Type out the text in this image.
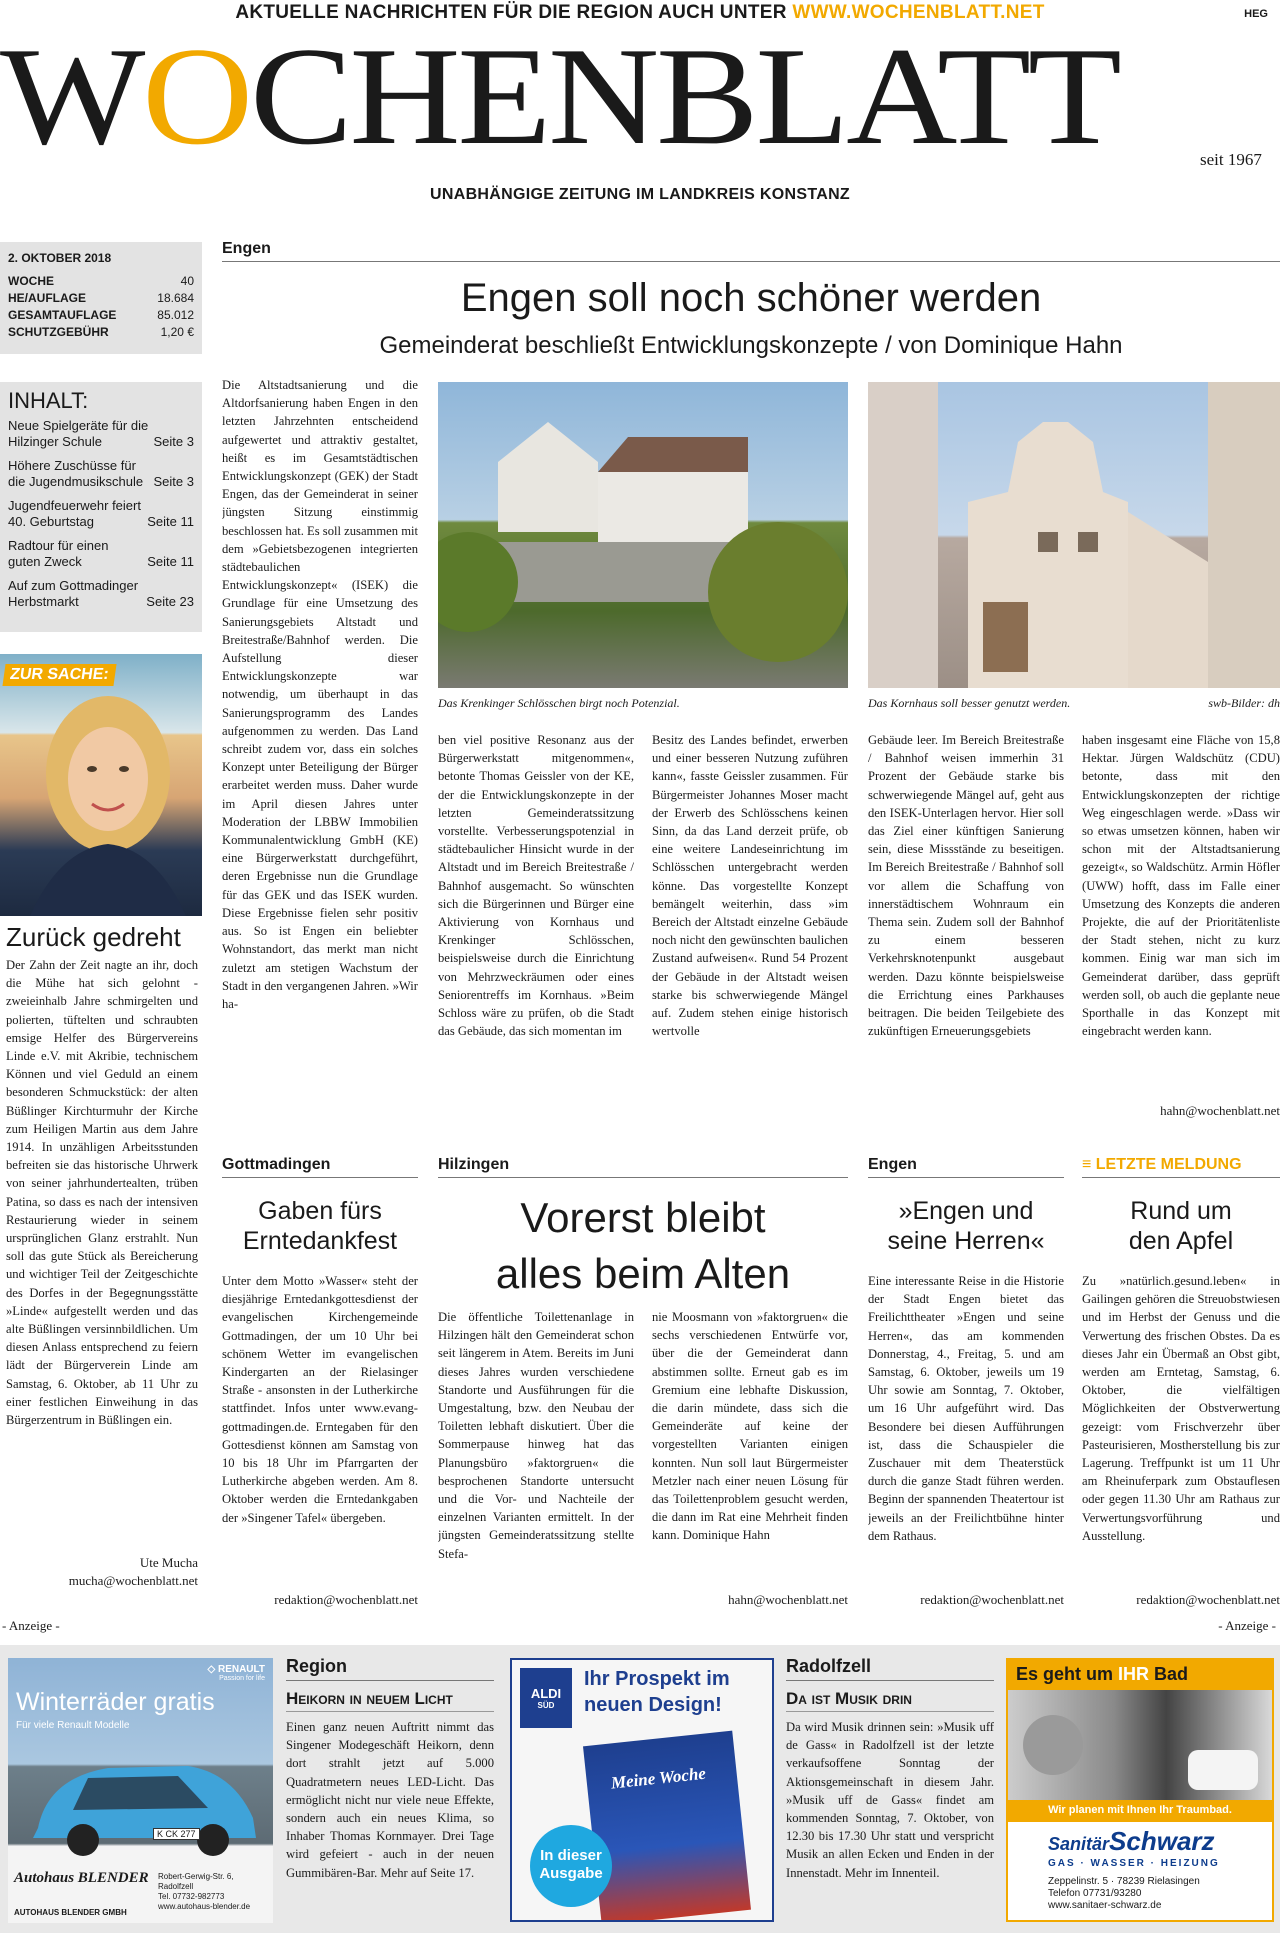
AKTUELLE NACHRICHTEN FÜR DIE REGION AUCH UNTER WWW.WOCHENBLATT.NET	HEG
WOCHENBLATT	seit 1967
UNABHÄNGIGE ZEITUNG IM LANDKREIS KONSTANZ
2. OKTOBER 2018
WOCHE	40
HE/AUFLAGE	18.684
GESAMTAUFLAGE	85.012
SCHUTZGEBÜHR	1,20 €
INHALT:
Neue Spielgeräte für die Hilzinger Schule	Seite 3
Höhere Zuschüsse für die Jugendmusikschule Seite 3
Jugendfeuerwehr feiert 40. Geburtstag	Seite 11
Radtour für einen guten Zweck	Seite 11
Auf zum Gottmadinger Herbstmarkt	Seite 23
ZUR SACHE:
Zurück gedreht
Der Zahn der Zeit nagte an ihr, doch die Mühe hat sich gelohnt - zweieinhalb Jahre schmirgelten und polierten, tüftelten und schraubten emsige Helfer des Bürgervereins Linde e.V. mit Akribie, technischem Können und viel Geduld an einem besonderen Schmuckstück: der alten Büßlinger Kirchturmuhr der Kirche zum Heiligen Martin aus dem Jahre 1914. In unzähligen Arbeitsstunden befreiten sie das historische Uhrwerk von seiner jahrhundertealten, trüben Patina, so dass es nach der intensiven Restaurierung wieder in seinem ursprünglichen Glanz erstrahlt. Nun soll das gute Stück als Bereicherung und wichtiger Teil der Zeitgeschichte des Dorfes in der Begegnungsstätte »Linde« aufgestellt werden und das alte Büßlingen versinnbildlichen. Um diesen Anlass entsprechend zu feiern lädt der Bürgerverein Linde am Samstag, 6. Oktober, ab 11 Uhr zu einer festlichen Einweihung in das Bürgerzentrum in Büßlingen ein.
Ute Mucha
mucha@wochenblatt.net
Engen
Engen soll noch schöner werden
Gemeinderat beschließt Entwicklungskonzepte / von Dominique Hahn
Die Altstadtsanierung und die Altdorfsanierung haben Engen in den letzten Jahrzehnten entscheidend aufgewertet und attraktiv gestaltet, heißt es im Gesamtstädtischen Entwicklungskonzept (GEK) der Stadt Engen, das der Gemeinderat in seiner jüngsten Sitzung einstimmig beschlossen hat. Es soll zusammen mit dem »Gebietsbezogenen integrierten städtebaulichen Entwicklungskonzept« (ISEK) die Grundlage für eine Umsetzung des Sanierungsgebiets Altstadt und Breitestraße/Bahnhof werden. Die Aufstellung dieser Entwicklungskonzepte war notwendig, um überhaupt in das Sanierungsprogramm des Landes aufgenommen zu werden. Das Land schreibt zudem vor, dass ein solches Konzept unter Beteiligung der Bürger erarbeitet werden muss. Daher wurde im April diesen Jahres unter Moderation der LBBW Immobilien Kommunalentwicklung GmbH (KE) eine Bürgerwerkstatt durchgeführt, deren Ergebnisse nun die Grundlage für das GEK und das ISEK wurden. Diese Ergebnisse fielen sehr positiv aus. So ist Engen ein beliebter Wohnstandort, das merkt man nicht zuletzt am stetigen Wachstum der Stadt in den vergangenen Jahren. »Wir ha-
Das Krenkinger Schlösschen birgt noch Potenzial.	Das Kornhaus soll besser genutzt werden.	swb-Bilder: dh
ben viel positive Resonanz aus der Bürgerwerkstatt mitgenommen«, betonte Thomas Geissler von der KE, der die Entwicklungskonzepte in der letzten Gemeinderatssitzung vorstellte. Verbesserungspotenzial in städtebaulicher Hinsicht wurde in der Altstadt und im Bereich Breitestraße / Bahnhof ausgemacht. So wünschten sich die Bürgerinnen und Bürger eine Aktivierung von Kornhaus und Krenkinger Schlösschen, beispielsweise durch die Einrichtung von Mehrzweckräumen oder eines Seniorentreffs im Kornhaus. »Beim Schloss wäre zu prüfen, ob die Stadt das Gebäude, das sich momentan im
Besitz des Landes befindet, erwerben und einer besseren Nutzung zuführen kann«, fasste Geissler zusammen. Für Bürgermeister Johannes Moser macht der Erwerb des Schlösschens keinen Sinn, da das Land derzeit prüfe, ob eine weitere Landeseinrichtung im Schlösschen untergebracht werden könne. Das vorgestellte Konzept bemängelt weiterhin, dass »im Bereich der Altstadt einzelne Gebäude noch nicht den gewünschten baulichen Zustand aufweisen«. Rund 54 Prozent der Gebäude in der Altstadt weisen starke bis schwerwiegende Mängel auf. Zudem stehen einige historisch wertvolle
Gebäude leer. Im Bereich Breitestraße / Bahnhof weisen immerhin 31 Prozent der Gebäude starke bis schwerwiegende Mängel auf, geht aus den ISEK-Unterlagen hervor. Hier soll das Ziel einer künftigen Sanierung sein, diese Missstände zu beseitigen. Im Bereich Breitestraße / Bahnhof soll vor allem die Schaffung von innerstädtischem Wohnraum ein Thema sein. Zudem soll der Bahnhof zu einem besseren Verkehrsknotenpunkt ausgebaut werden. Dazu könnte beispielsweise die Errichtung eines Parkhauses beitragen. Die beiden Teilgebiete des zukünftigen Erneuerungsgebiets
haben insgesamt eine Fläche von 15,8 Hektar. Jürgen Waldschütz (CDU) betonte, dass mit den Entwicklungskonzepten der richtige Weg eingeschlagen werde. »Dass wir so etwas umsetzen können, haben wir schon mit der Altstadtsanierung gezeigt«, so Waldschütz. Armin Höfler (UWW) hofft, dass im Falle einer Umsetzung des Konzepts die anderen Projekte, die auf der Prioritätenliste der Stadt stehen, nicht zu kurz kommen. Einig war man sich im Gemeinderat darüber, dass geprüft werden soll, ob auch die geplante neue Sporthalle in das Konzept mit eingebracht werden kann.
hahn@wochenblatt.net
Gottmadingen
Gaben fürs
Erntedankfest
Unter dem Motto »Wasser« steht der diesjährige Erntedankgottesdienst der evangelischen Kirchengemeinde Gottmadingen, der um 10 Uhr bei schönem Wetter im evangelischen Kindergarten an der Rielasinger Straße - ansonsten in der Lutherkirche stattfindet. Infos unter www.evang-gottmadingen.de. Erntegaben für den Gottesdienst können am Samstag von 10 bis 18 Uhr im Pfarrgarten der Lutherkirche abgeben werden. Am 8. Oktober werden die Erntedankgaben der »Singener Tafel« übergeben.
redaktion@wochenblatt.net
Hilzingen
Vorerst bleibt
alles beim Alten
Die öffentliche Toilettenanlage in Hilzingen hält den Gemeinderat schon seit längerem in Atem. Bereits im Juni dieses Jahres wurden verschiedene Standorte und Ausführungen für die Umgestaltung, bzw. den Neubau der Toiletten lebhaft diskutiert. Über die Sommerpause hinweg hat das Planungsbüro »faktorgruen« die besprochenen Standorte untersucht und die Vor- und Nachteile der einzelnen Varianten ermittelt. In der jüngsten Gemeinderatssitzung stellte Stefa-
nie Moosmann von »faktorgruen« die sechs verschiedenen Entwürfe vor, über die der Gemeinderat dann abstimmen sollte. Erneut gab es im Gremium eine lebhafte Diskussion, die darin mündete, dass sich die Gemeinderäte auf keine der vorgestellten Varianten einigen konnten. Nun soll laut Bürgermeister Metzler nach einer neuen Lösung für das Toilettenproblem gesucht werden, die dann im Rat eine Mehrheit finden kann. Dominique Hahn
hahn@wochenblatt.net
Engen
»Engen und
seine Herren«
Eine interessante Reise in die Historie der Stadt Engen bietet das Freilichttheater »Engen und seine Herren«, das am kommenden Donnerstag, 4., Freitag, 5. und am Samstag, 6. Oktober, jeweils um 19 Uhr sowie am Sonntag, 7. Oktober, um 16 Uhr aufgeführt wird. Das Besondere bei diesen Aufführungen ist, dass die Schauspieler die Zuschauer mit dem Theaterstück durch die ganze Stadt führen werden. Beginn der spannenden Theatertour ist jeweils an der Freilichtbühne hinter dem Rathaus.
redaktion@wochenblatt.net
≡ LETZTE MELDUNG
Rund um
den Apfel
Zu »natürlich.gesund.leben« in Gailingen gehören die Streuobstwiesen und im Herbst der Genuss und die Verwertung des frischen Obstes. Da es dieses Jahr ein Übermaß an Obst gibt, werden am Erntetag, Samstag, 6. Oktober, die vielfältigen Möglichkeiten der Obstverwertung gezeigt: vom Frischverzehr über Pasteurisieren, Mostherstellung bis zur Lagerung. Treffpunkt ist um 11 Uhr am Rheinuferpark zum Obstauflesen oder gegen 11.30 Uhr am Rathaus zur Verwertungsvorführung und Ausstellung.
redaktion@wochenblatt.net
- Anzeige -	- Anzeige -
◇ RENAULT
Passion for life
Winterräder gratis
Für viele Renault Modelle
K CK 277
Autohaus BLENDER
AUTOHAUS BLENDER GMBH
Robert-Gerwig-Str. 6, Radolfzell
Tel. 07732-982773
www.autohaus-blender.de
Region
Heikorn in neuem Licht
Einen ganz neuen Auftritt nimmt das Singener Modegeschäft Heikorn, denn dort strahlt jetzt auf 5.000 Quadratmetern neues LED-Licht. Das ermöglicht nicht nur viele neue Effekte, sondern auch ein neues Klima, so Inhaber Thomas Kornmayer. Drei Tage wird gefeiert - auch in der neuen Gummibären-Bar. Mehr auf Seite 17.
ALDI
SÜD
Ihr Prospekt im
neuen Design!
Meine Woche
In dieser
Ausgabe
Radolfzell
Da ist Musik drin
Da wird Musik drinnen sein: »Musik uff de Gass« in Radolfzell ist der letzte verkaufsoffene Sonntag der Aktionsgemeinschaft in diesem Jahr. »Musik uff de Gass« findet am kommenden Sonntag, 7. Oktober, von 12.30 bis 17.30 Uhr statt und verspricht Musik an allen Ecken und Enden in der Innenstadt. Mehr im Innenteil.
Es geht um IHR Bad
Wir planen mit Ihnen Ihr Traumbad.
SanitärSchwarz
GAS · WASSER · HEIZUNG
Zeppelinstr. 5 · 78239 Rielasingen
Telefon 07731/93280
www.sanitaer-schwarz.de
